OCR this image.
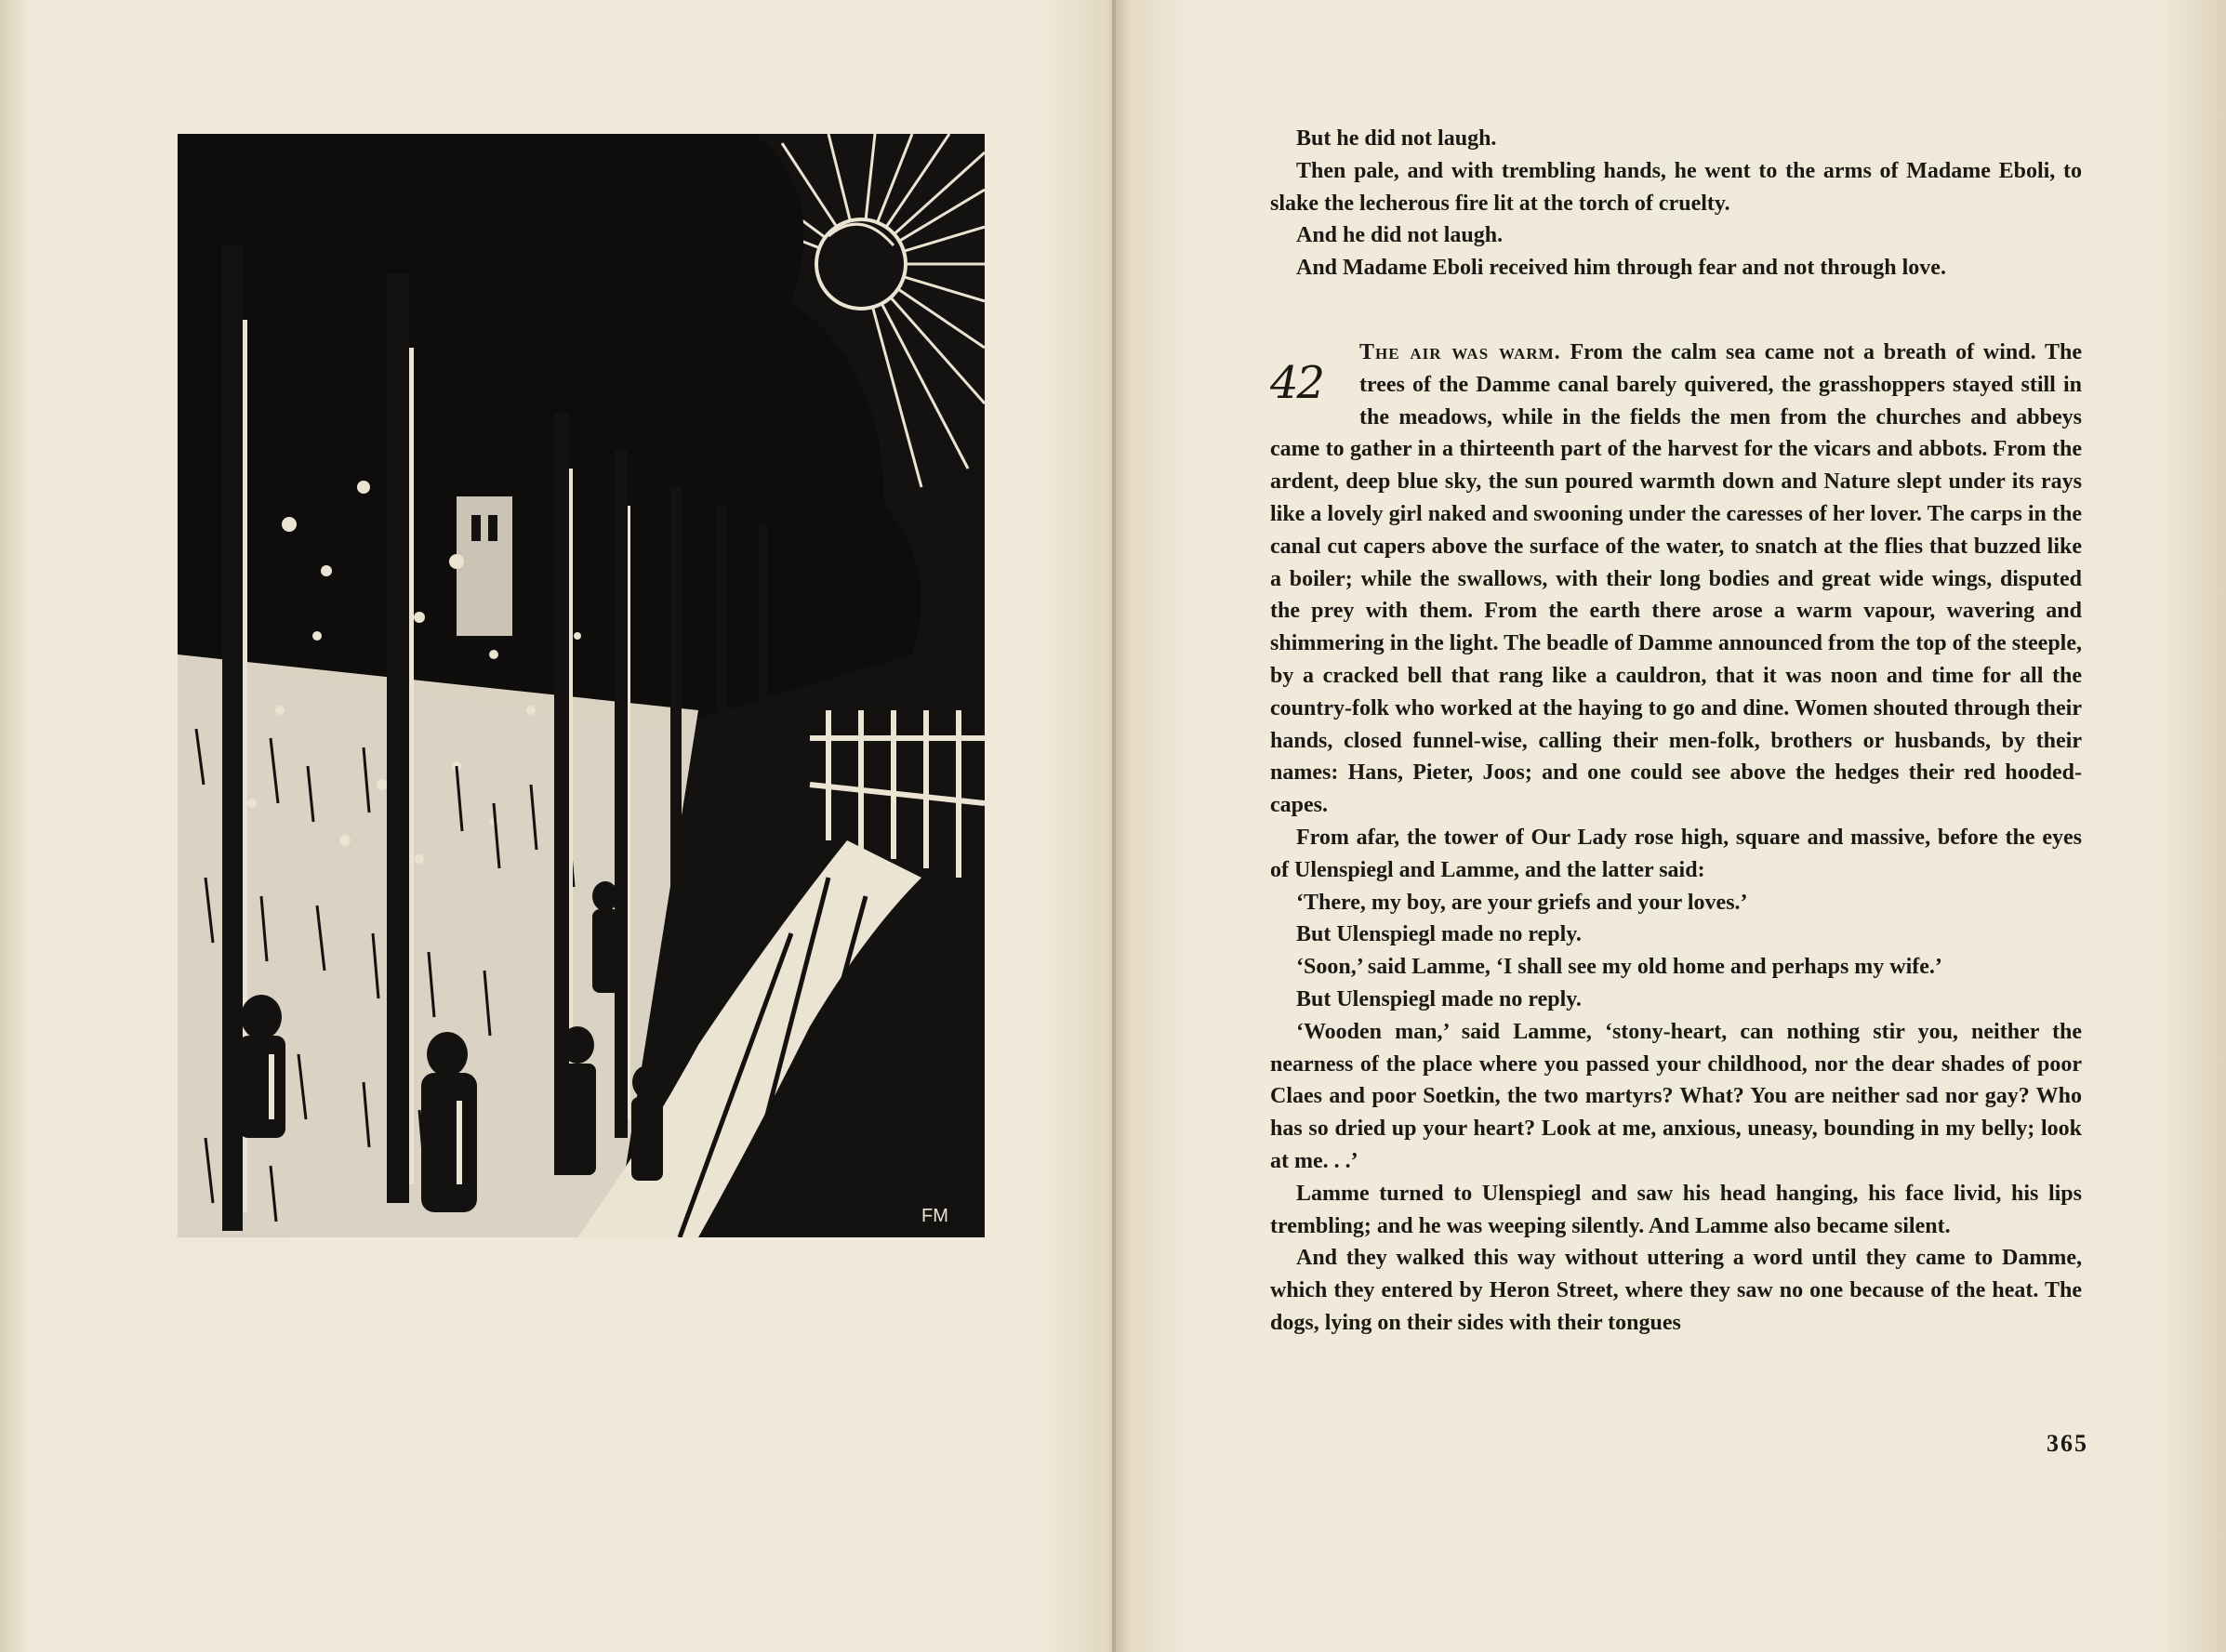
FM

But he did not laugh.

Then pale, and with trembling hands, he went to the arms of Madame Eboli, to slake the lecherous fire lit at the torch of cruelty.

And he did not laugh.

And Madame Eboli received him through fear and not through love.

42

The air was warm. From the calm sea came not a breath of wind. The trees of the Damme canal barely quivered, the grasshoppers stayed still in the meadows, while in the fields the men from the churches and abbeys came to gather in a thirteenth part of the harvest for the vicars and abbots. From the ardent, deep blue sky, the sun poured warmth down and Nature slept under its rays like a lovely girl naked and swooning under the caresses of her lover. The carps in the canal cut capers above the surface of the water, to snatch at the flies that buzzed like a boiler; while the swallows, with their long bodies and great wide wings, disputed the prey with them. From the earth there arose a warm vapour, wavering and shimmering in the light. The beadle of Damme announced from the top of the steeple, by a cracked bell that rang like a cauldron, that it was noon and time for all the country-folk who worked at the haying to go and dine. Women shouted through their hands, closed funnel-wise, calling their men-folk, brothers or husbands, by their names: Hans, Pieter, Joos; and one could see above the hedges their red hooded-capes.

From afar, the tower of Our Lady rose high, square and massive, before the eyes of Ulenspiegl and Lamme, and the latter said:

‘There, my boy, are your griefs and your loves.’

But Ulenspiegl made no reply.

‘Soon,’ said Lamme, ‘I shall see my old home and perhaps my wife.’

But Ulenspiegl made no reply.

‘Wooden man,’ said Lamme, ‘stony-heart, can nothing stir you, neither the nearness of the place where you passed your childhood, nor the dear shades of poor Claes and poor Soetkin, the two martyrs? What? You are neither sad nor gay? Who has so dried up your heart? Look at me, anxious, uneasy, bounding in my belly; look at me. . .’

Lamme turned to Ulenspiegl and saw his head hanging, his face livid, his lips trembling; and he was weeping silently. And Lamme also became silent.

And they walked this way without uttering a word until they came to Damme, which they entered by Heron Street, where they saw no one because of the heat. The dogs, lying on their sides with their tongues

365
